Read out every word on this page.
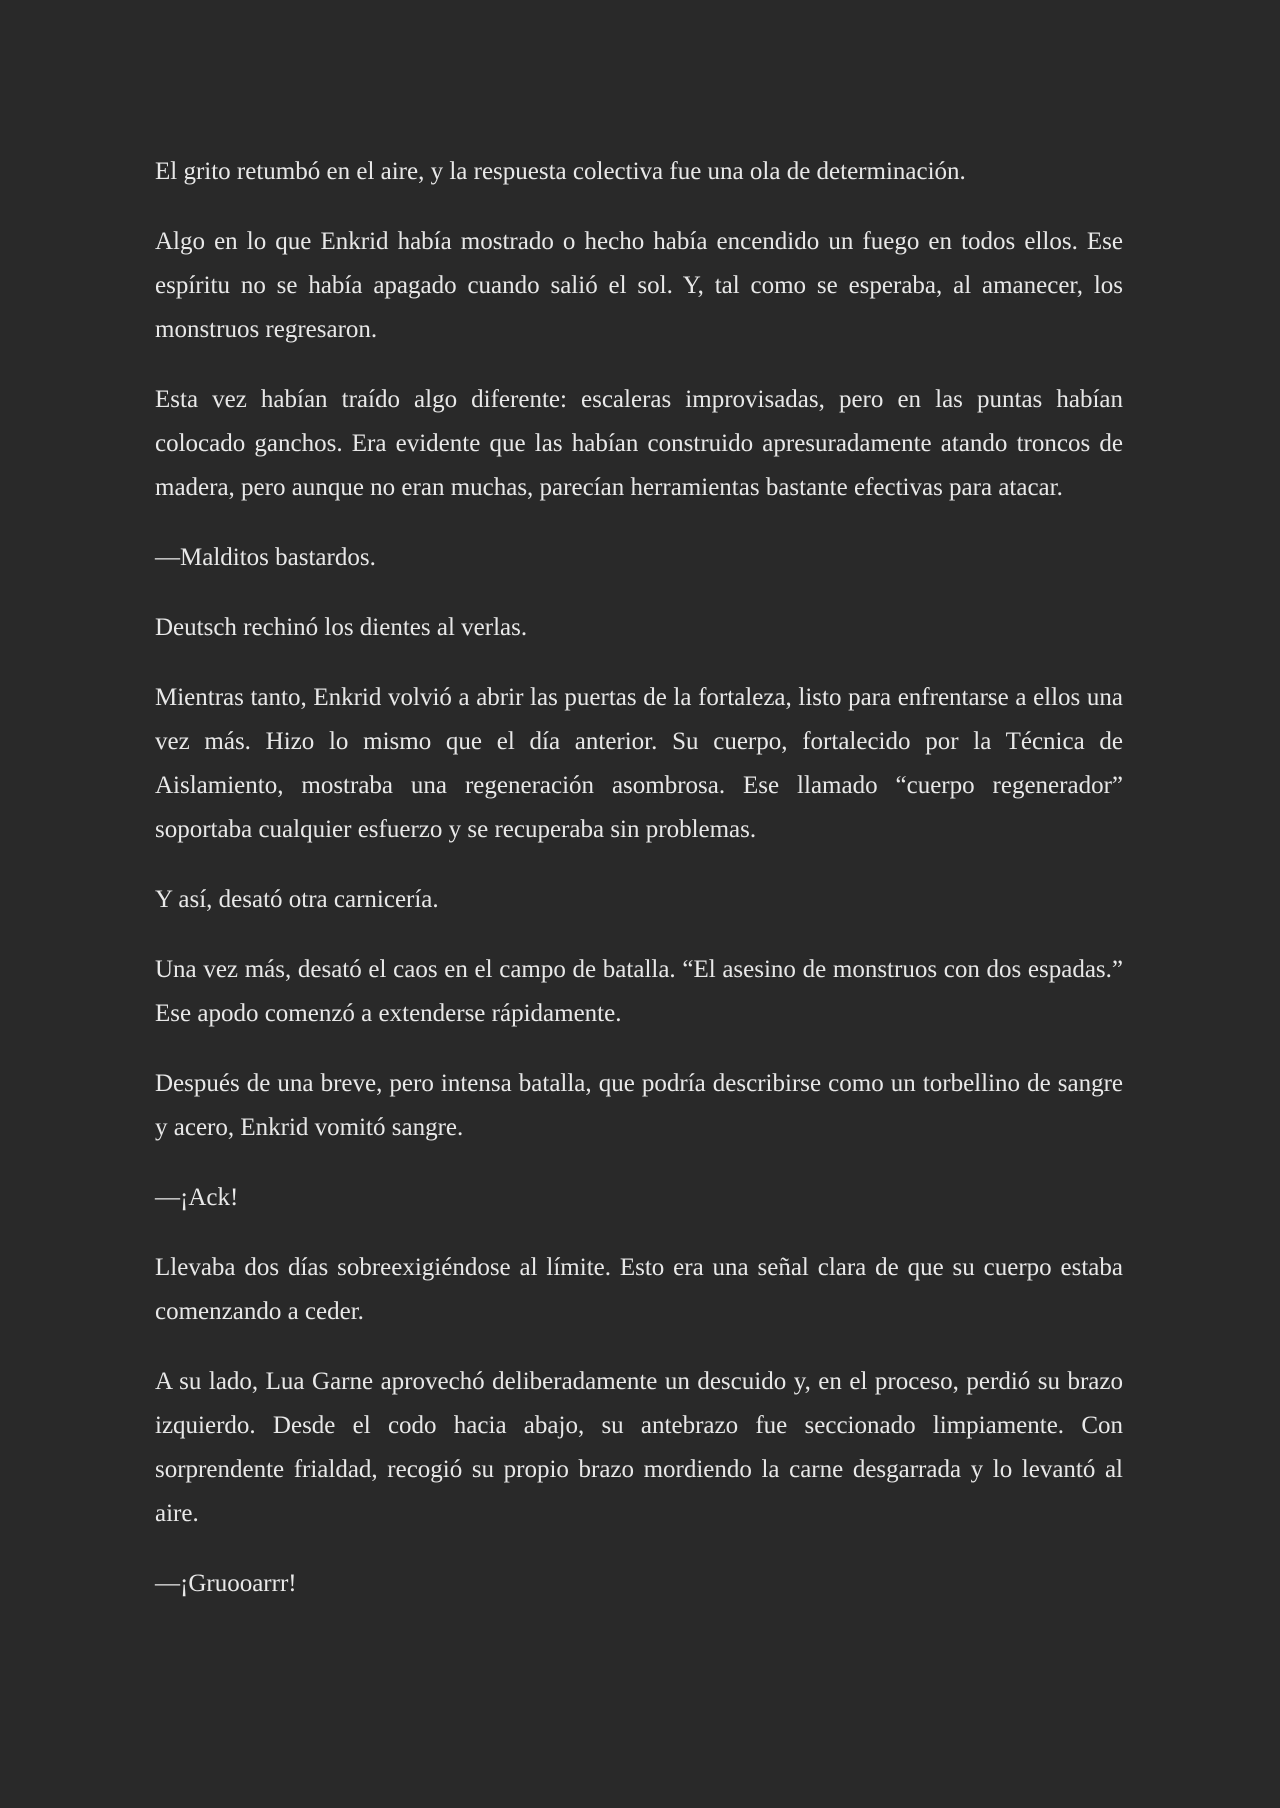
El grito retumbó en el aire, y la respuesta colectiva fue una ola de determinación.

Algo en lo que Enkrid había mostrado o hecho había encendido un fuego en todos ellos. Ese espíritu no se había apagado cuando salió el sol. Y, tal como se esperaba, al amanecer, los monstruos regresaron.

Esta vez habían traído algo diferente: escaleras improvisadas, pero en las puntas habían colocado ganchos. Era evidente que las habían construido apresuradamente atando troncos de madera, pero aunque no eran muchas, parecían herramientas bastante efectivas para atacar.

—Malditos bastardos.

Deutsch rechinó los dientes al verlas.

Mientras tanto, Enkrid volvió a abrir las puertas de la fortaleza, listo para enfrentarse a ellos una vez más. Hizo lo mismo que el día anterior. Su cuerpo, fortalecido por la Técnica de Aislamiento, mostraba una regeneración asombrosa. Ese llamado “cuerpo regenerador” soportaba cualquier esfuerzo y se recuperaba sin problemas.

Y así, desató otra carnicería.

Una vez más, desató el caos en el campo de batalla. “El asesino de monstruos con dos espadas.” Ese apodo comenzó a extenderse rápidamente.

Después de una breve, pero intensa batalla, que podría describirse como un torbellino de sangre y acero, Enkrid vomitó sangre.

—¡Ack!

Llevaba dos días sobreexigiéndose al límite. Esto era una señal clara de que su cuerpo estaba comenzando a ceder.

A su lado, Lua Garne aprovechó deliberadamente un descuido y, en el proceso, perdió su brazo izquierdo. Desde el codo hacia abajo, su antebrazo fue seccionado limpiamente. Con sorprendente frialdad, recogió su propio brazo mordiendo la carne desgarrada y lo levantó al aire.

—¡Gruooarrr!
